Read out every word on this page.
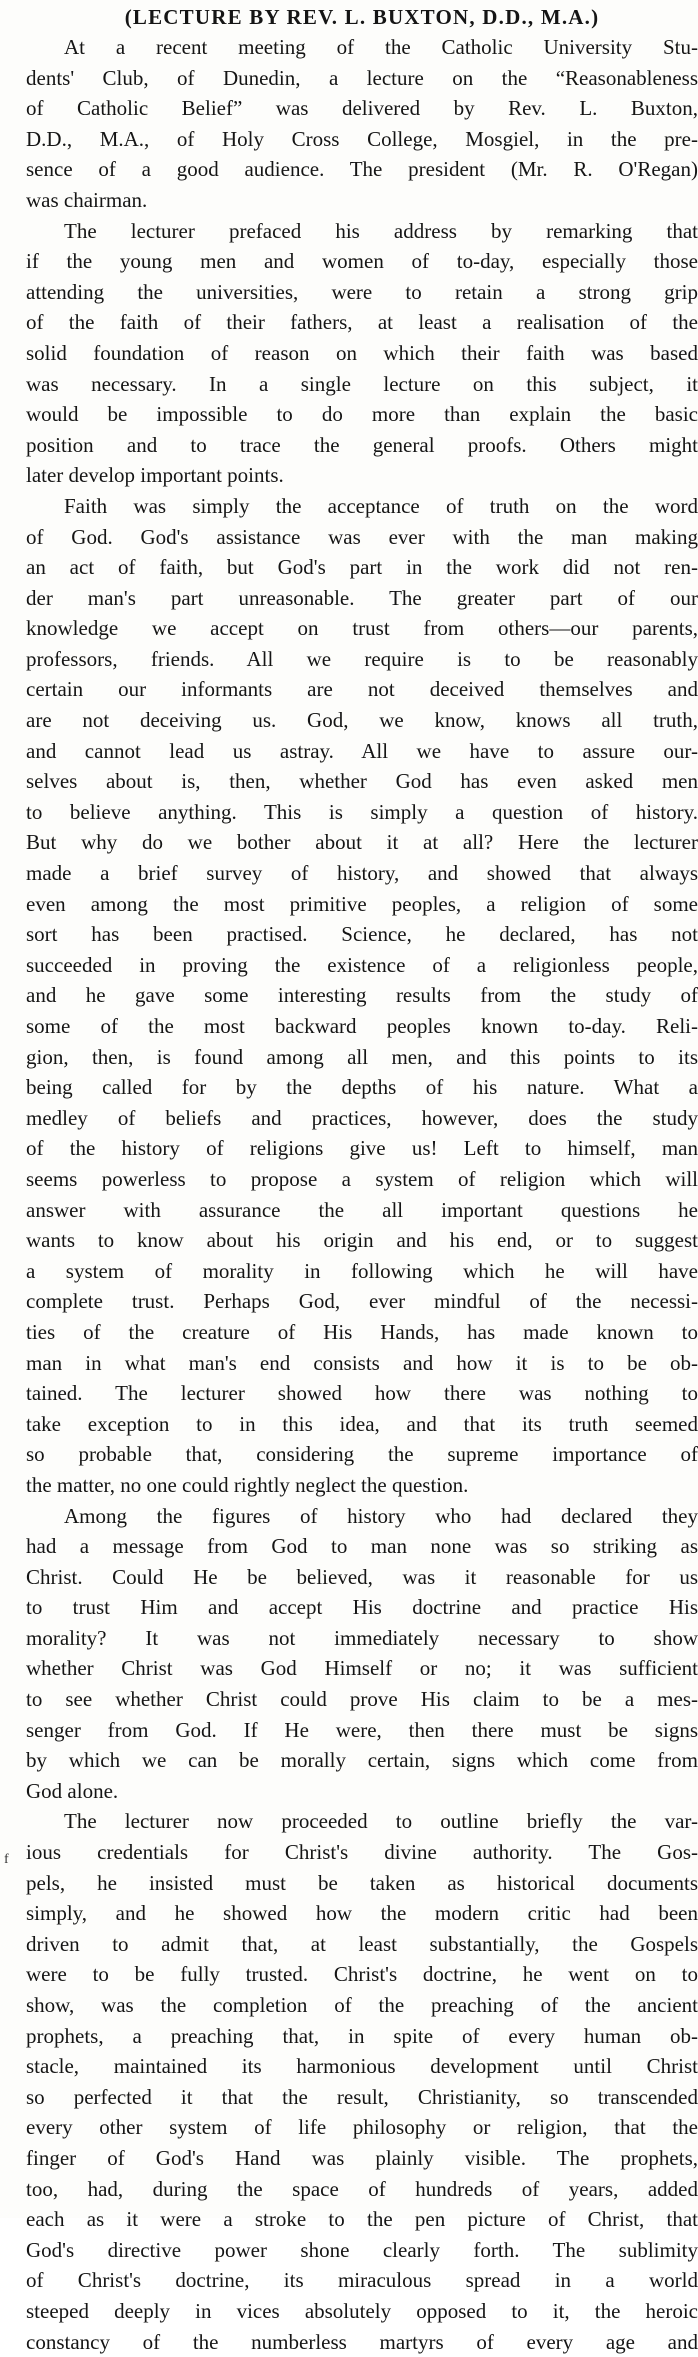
(LECTURE BY REV. L. BUXTON, D.D., M.A.)
At a recent meeting of the Catholic University Stu-
dents' Club, of Dunedin, a lecture on the “Reasonableness
of Catholic Belief” was delivered by Rev. L. Buxton,
D.D., M.A., of Holy Cross College, Mosgiel, in the pre-
sence of a good audience. The president (Mr. R. O'Regan)
was chairman.
The lecturer prefaced his address by remarking that
if the young men and women of to-day, especially those
attending the universities, were to retain a strong grip
of the faith of their fathers, at least a realisation of the
solid foundation of reason on which their faith was based
was necessary. In a single lecture on this subject, it
would be impossible to do more than explain the basic
position and to trace the general proofs. Others might
later develop important points.
Faith was simply the acceptance of truth on the word
of God. God's assistance was ever with the man making
an act of faith, but God's part in the work did not ren-
der man's part unreasonable. The greater part of our
knowledge we accept on trust from others—our parents,
professors, friends. All we require is to be reasonably
certain our informants are not deceived themselves and
are not deceiving us. God, we know, knows all truth,
and cannot lead us astray. All we have to assure our-
selves about is, then, whether God has even asked men
to believe anything. This is simply a question of history.
But why do we bother about it at all? Here the lecturer
made a brief survey of history, and showed that always
even among the most primitive peoples, a religion of some
sort has been practised. Science, he declared, has not
succeeded in proving the existence of a religionless people,
and he gave some interesting results from the study of
some of the most backward peoples known to-day. Reli-
gion, then, is found among all men, and this points to its
being called for by the depths of his nature. What a
medley of beliefs and practices, however, does the study
of the history of religions give us! Left to himself, man
seems powerless to propose a system of religion which will
answer with assurance the all important questions he
wants to know about his origin and his end, or to suggest
a system of morality in following which he will have
complete trust. Perhaps God, ever mindful of the necessi-
ties of the creature of His Hands, has made known to
man in what man's end consists and how it is to be ob-
tained. The lecturer showed how there was nothing to
take exception to in this idea, and that its truth seemed
so probable that, considering the supreme importance of
the matter, no one could rightly neglect the question.
Among the figures of history who had declared they
had a message from God to man none was so striking as
Christ. Could He be believed, was it reasonable for us
to trust Him and accept His doctrine and practice His
morality? It was not immediately necessary to show
whether Christ was God Himself or no; it was sufficient
to see whether Christ could prove His claim to be a mes-
senger from God. If He were, then there must be signs
by which we can be morally certain, signs which come from
God alone.
The lecturer now proceeded to outline briefly the var-
ious credentials for Christ's divine authority. The Gos-
pels, he insisted must be taken as historical documents
simply, and he showed how the modern critic had been
driven to admit that, at least substantially, the Gospels
were to be fully trusted. Christ's doctrine, he went on to
show, was the completion of the preaching of the ancient
prophets, a preaching that, in spite of every human ob-
stacle, maintained its harmonious development until Christ
so perfected it that the result, Christianity, so transcended
every other system of life philosophy or religion, that the
finger of God's Hand was plainly visible. The prophets,
too, had, during the space of hundreds of years, added
each as it were a stroke to the pen picture of Christ, that
God's directive power shone clearly forth. The sublimity
of Christ's doctrine, its miraculous spread in a world
steeped deeply in vices absolutely opposed to it, the heroic
constancy of the numberless martyrs of every age and
f
